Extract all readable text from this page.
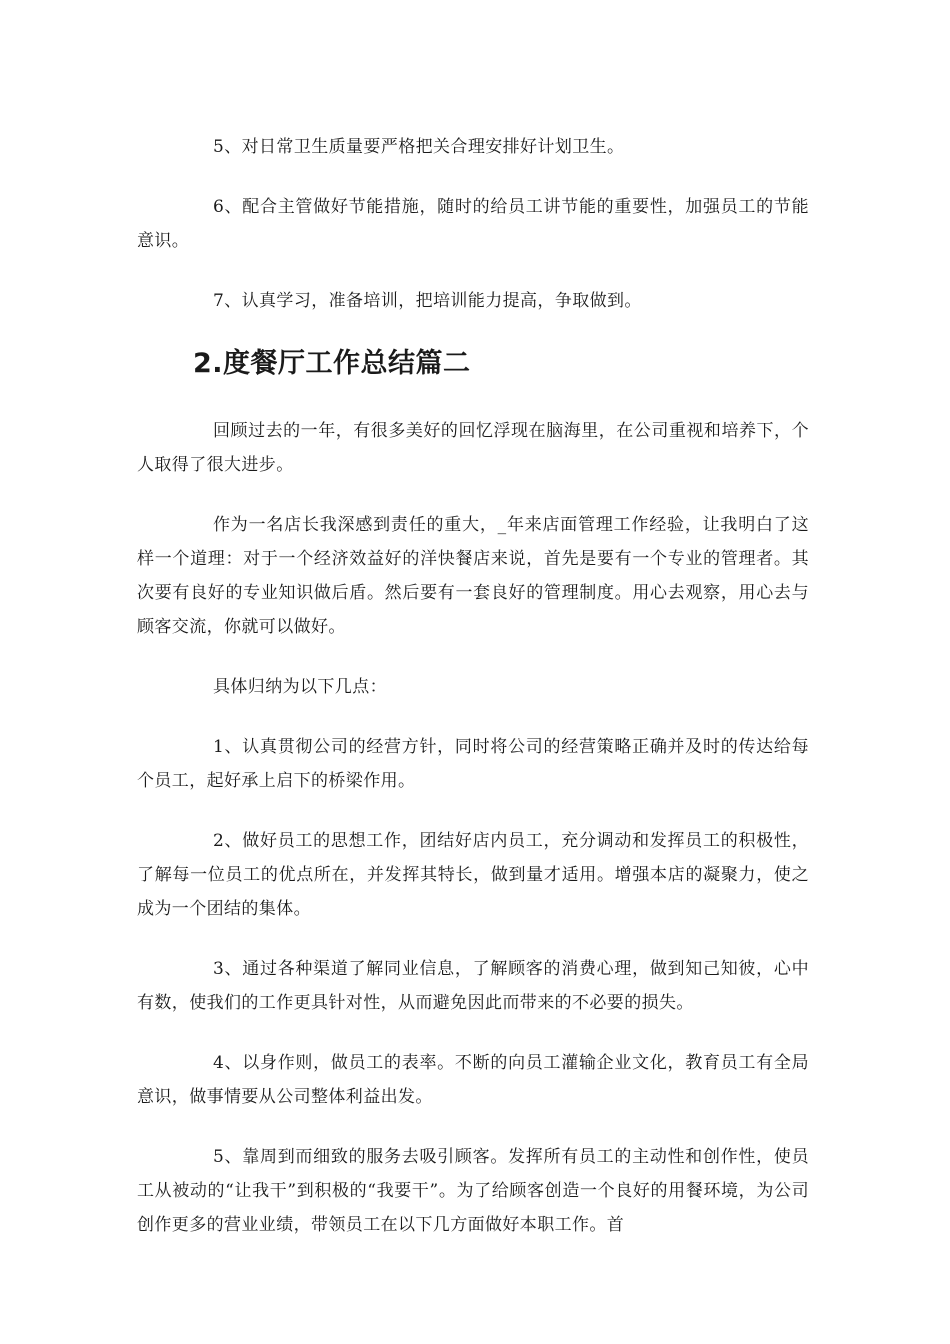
5、对日常卫生质量要严格把关合理安排好计划卫生。

6、配合主管做好节能措施，随时的给员工讲节能的重要性，加强员工的节能意识。

7、认真学习，准备培训，把培训能力提高，争取做到。

2.度餐厅工作总结篇二

回顾过去的一年，有很多美好的回忆浮现在脑海里，在公司重视和培养下，个人取得了很大进步。

作为一名店长我深感到责任的重大，_年来店面管理工作经验，让我明白了这样一个道理：对于一个经济效益好的洋快餐店来说，首先是要有一个专业的管理者。其次要有良好的专业知识做后盾。然后要有一套良好的管理制度。用心去观察，用心去与顾客交流，你就可以做好。

具体归纳为以下几点：

1、认真贯彻公司的经营方针，同时将公司的经营策略正确并及时的传达给每个员工，起好承上启下的桥梁作用。

2、做好员工的思想工作，团结好店内员工，充分调动和发挥员工的积极性，了解每一位员工的优点所在，并发挥其特长，做到量才适用。增强本店的凝聚力，使之成为一个团结的集体。

3、通过各种渠道了解同业信息，了解顾客的消费心理，做到知己知彼，心中有数，使我们的工作更具针对性，从而避免因此而带来的不必要的损失。

4、以身作则，做员工的表率。不断的向员工灌输企业文化，教育员工有全局意识，做事情要从公司整体利益出发。

5、靠周到而细致的服务去吸引顾客。发挥所有员工的主动性和创作性，使员工从被动的“让我干”到积极的“我要干”。为了给顾客创造一个良好的用餐环境，为公司创作更多的营业业绩，带领员工在以下几方面做好本职工作。首
